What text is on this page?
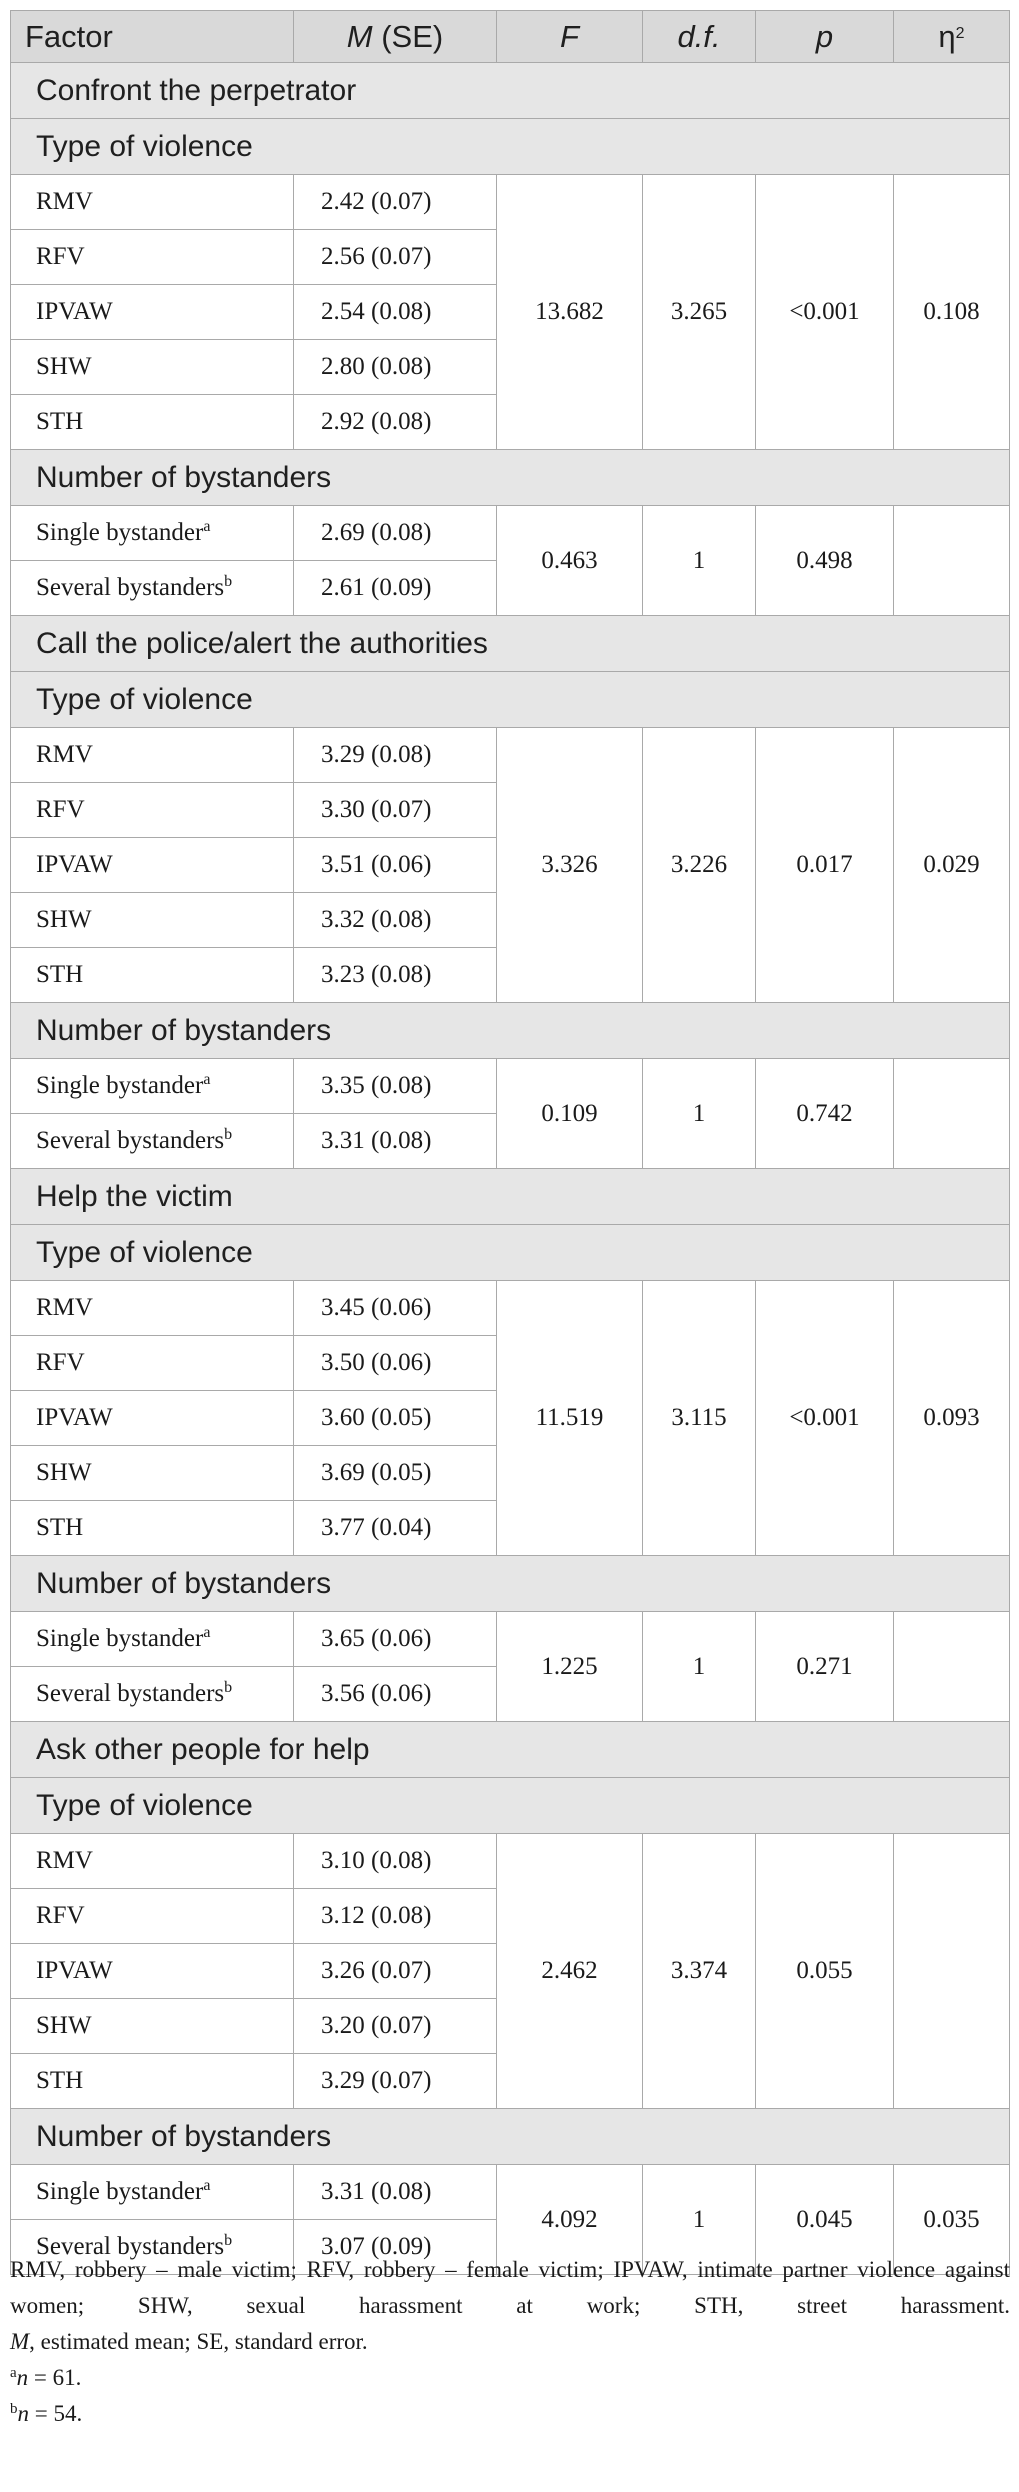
Factor	M (SE)	F	d.f.	p	$\eta^2$
Confront the perpetrator					
Type of violence					
RMV	2.42 (0.07)	13.682	3.265	<0.001	0.108
RFV	2.56 (0.07)				
IPVAW	2.54 (0.08)				
SHW	2.80 (0.08)				
STH	2.92 (0.08)				
Number of bystanders					
Single bystander$^a$	2.69 (0.08)	0.463	1	0.498	
Several bystanders$^b$	2.61 (0.09)				
Call the police/alert the authorities					
Type of violence					
RMV	3.29 (0.08)	3.326	3.226	0.017	0.029
RFV	3.30 (0.07)				
IPVAW	3.51 (0.06)				
SHW	3.32 (0.08)				
STH	3.23 (0.08)				
Number of bystanders					
Single bystander$^a$	3.35 (0.08)	0.109	1	0.742	
Several bystanders$^b$	3.31 (0.08)				
Help the victim					
Type of violence					
RMV	3.45 (0.06)	11.519	3.115	<0.001	0.093
RFV	3.50 (0.06)				
IPVAW	3.60 (0.05)				
SHW	3.69 (0.05)				
STH	3.77 (0.04)				
Number of bystanders					
Single bystander$^a$	3.65 (0.06)	1.225	1	0.271	
Several bystanders$^b$	3.56 (0.06)				
Ask other people for help					
Type of violence					
RMV	3.10 (0.08)	2.462	3.374	0.055	
RFV	3.12 (0.08)				
IPVAW	3.26 (0.07)				
SHW	3.20 (0.07)				
STH	3.29 (0.07)				
Number of bystanders					
Single bystander$^a$	3.31 (0.08)	4.092	1	0.045	0.035
Several bystanders$^b$	3.07 (0.09)				

RMV, robbery – male victim; RFV, robbery – female victim; IPVAW, intimate partner violence against women; SHW, sexual harassment at work; STH, street harassment.

M, estimated mean; SE, standard error.

$^a$n = 61.

$^b$n = 54.
